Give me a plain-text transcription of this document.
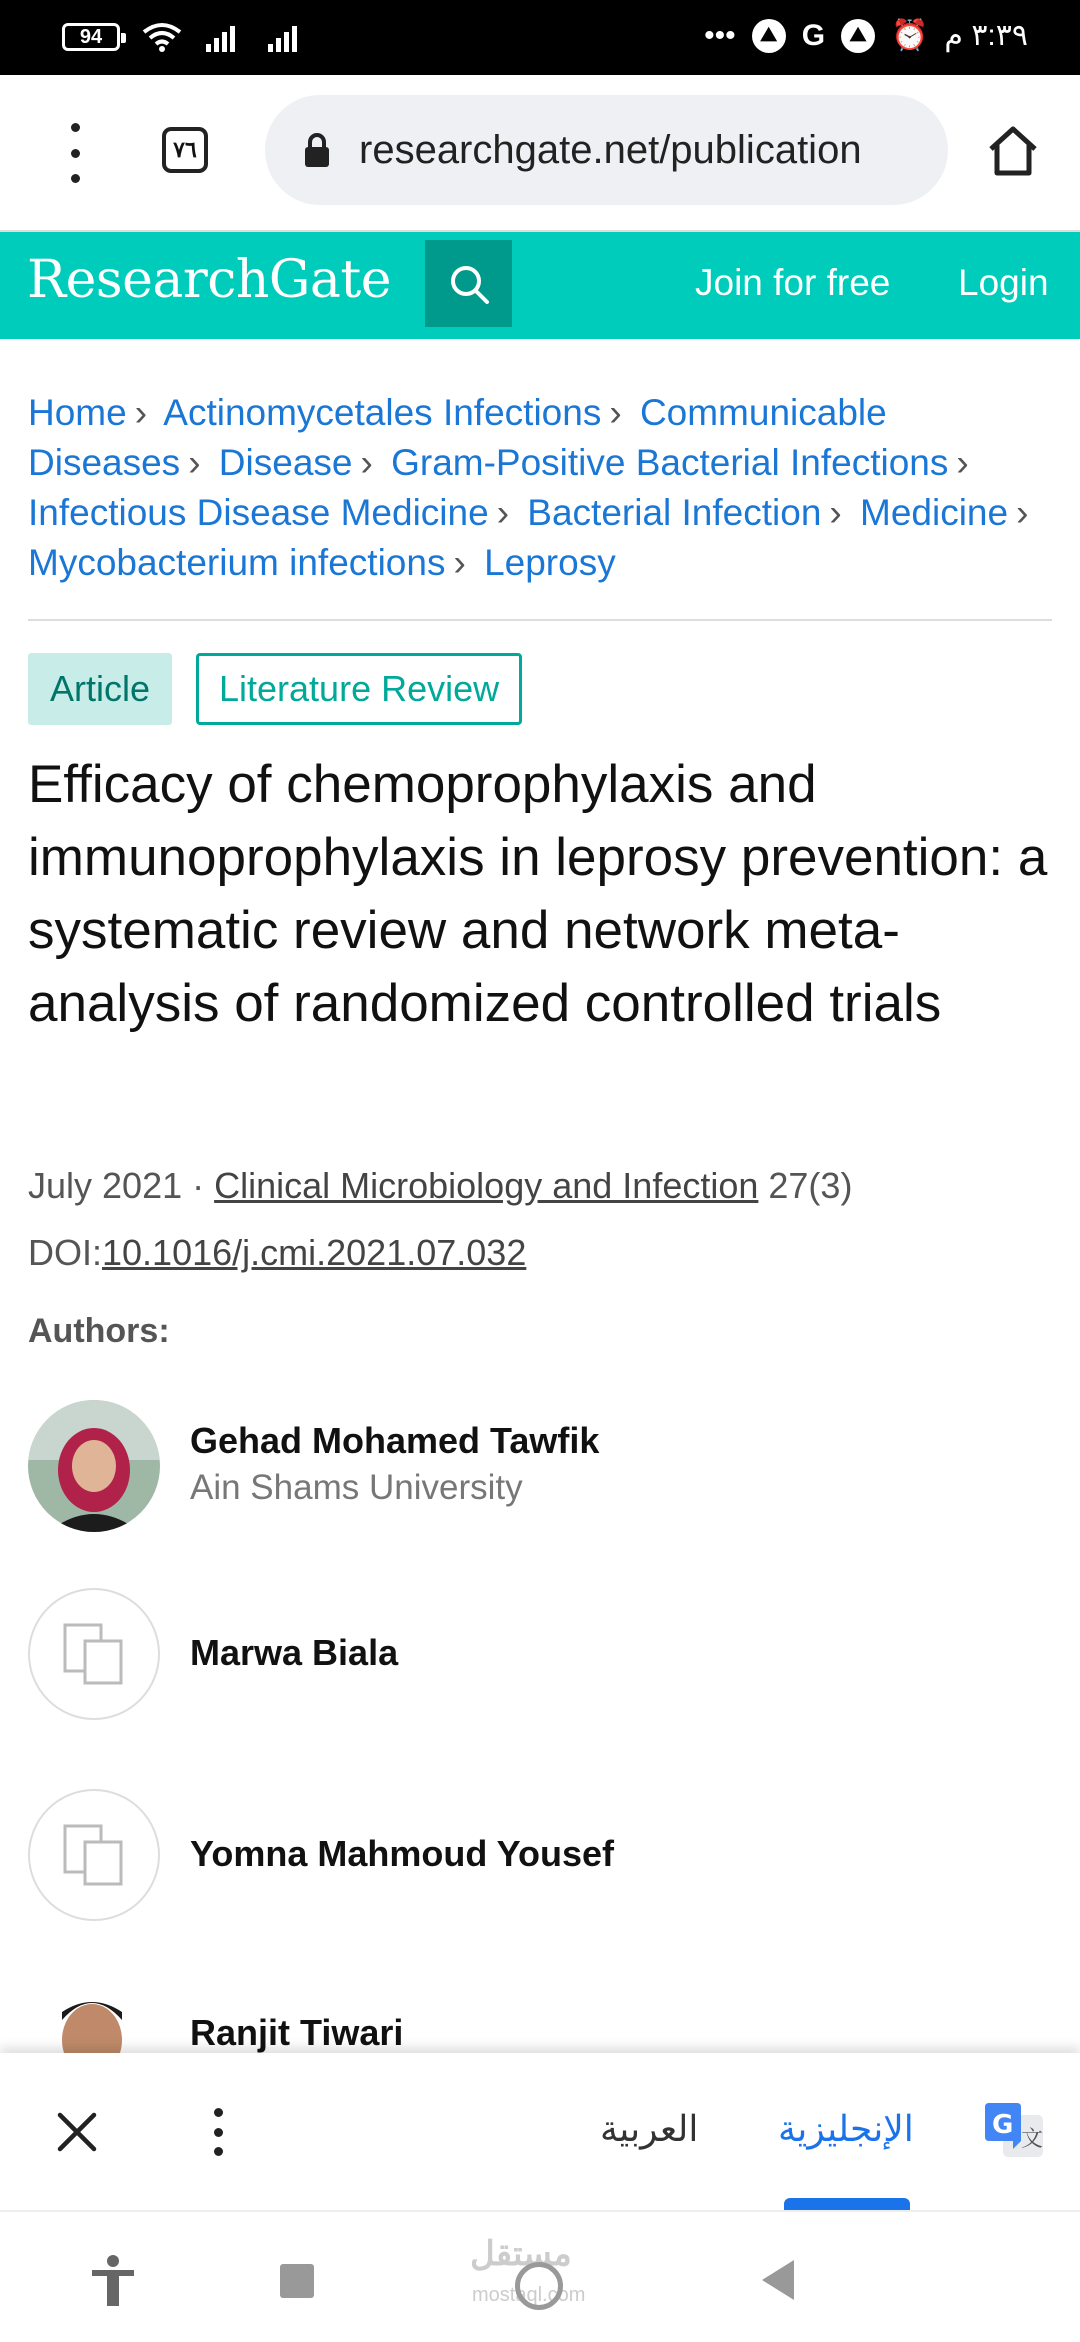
94	•••	⛰ G	⛰ ⏰ ٣:٣٩ م
٧٦	researchgate.net/publication
ResearchGate	Join for free Login
Home › Actinomycetales Infections › Communicable Diseases › Disease › Gram-Positive Bacterial Infections › Infectious Disease Medicine › Bacterial Infection › Medicine › Mycobacterium infections › Leprosy
Article	Literature Review
Efficacy of chemoprophylaxis and immunoprophylaxis in leprosy prevention: a systematic review and network meta-analysis of randomized controlled trials
July 2021 · Clinical Microbiology and Infection 27(3)
DOI:10.1016/j.cmi.2021.07.032
Authors:
Gehad Mohamed Tawfik
Ain Shams University
Marwa Biala
Yomna Mahmoud Yousef
Ranjit Tiwari
العربية الإنجليزية	文
G
مستقل
mostaql.com
